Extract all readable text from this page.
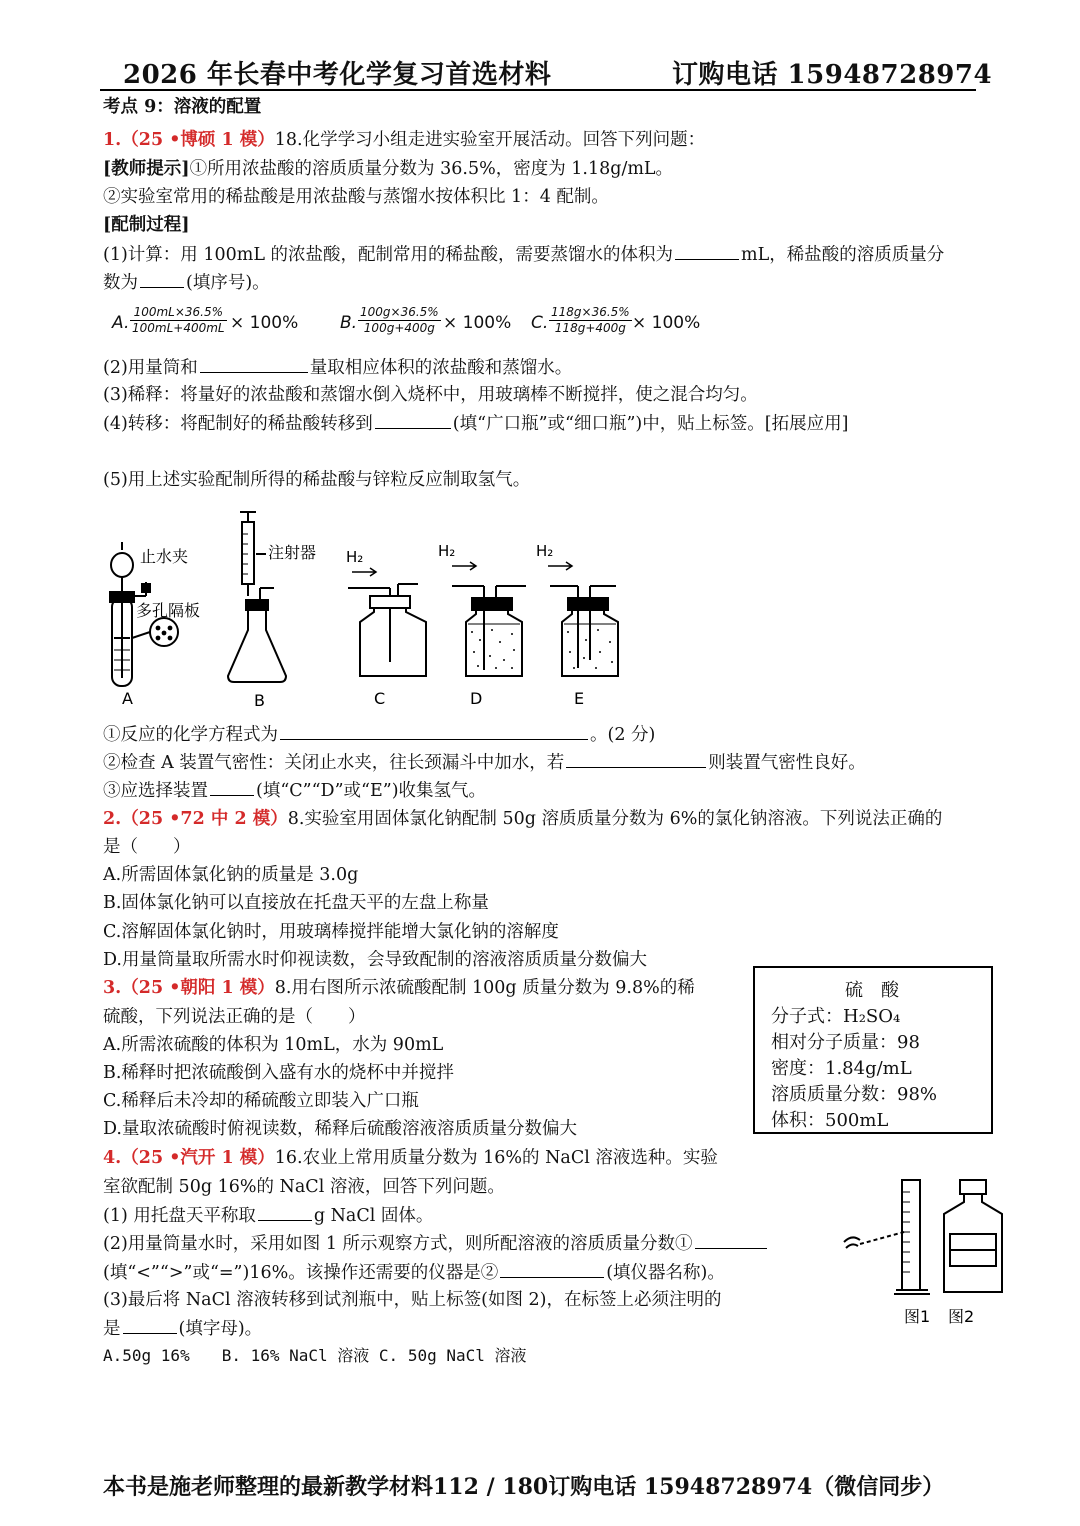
2026 年长春中考化学复习首选材料	订购电话 15948728974
考点 9：溶液的配置
1.（25 •博硕 1 模）18.化学学习小组走进实验室开展活动。回答下列问题：
[教师提示]①所用浓盐酸的溶质质量分数为 36.5%，密度为 1.18g/mL。
②实验室常用的稀盐酸是用浓盐酸与蒸馏水按体积比 1：4 配制。
[配制过程]
(1)计算：用 100mL 的浓盐酸，配制常用的稀盐酸，需要蒸馏水的体积为	mL，稀盐酸的溶质质量分
数为	(填序号)。
A. $\frac{100mL\times 36.5\%}{100mL+400mL} \times 100\%$ B. $\frac{100g\times 36.5\%}{100g+400g} \times 100\%$ C. $\frac{118g\times 36.5\%}{118g+400g} \times 100\%$
(2)用量筒和	量取相应体积的浓盐酸和蒸馏水。
(3)稀释：将量好的浓盐酸和蒸馏水倒入烧杯中，用玻璃棒不断搅拌，使之混合均匀。
(4)转移：将配制好的稀盐酸转移到	(填“广口瓶”或“细口瓶”)中，贴上标签。[拓展应用]
(5)用上述实验配制所得的稀盐酸与锌粒反应制取氢气。
止水夹
多孔隔板
注射器 H₂	H₂	H₂
A	B	C	D	E
①反应的化学方程式为	。(2 分)
②检查 A 装置气密性：关闭止水夹，往长颈漏斗中加水，若	则装置气密性良好。
③应选择装置	(填“C”“D”或“E”)收集氢气。
2.（25 •72 中 2 模）8.实验室用固体氯化钠配制 50g 溶质质量分数为 6%的氯化钠溶液。下列说法正确的
是（　　）
A.所需固体氯化钠的质量是 3.0g
B.固体氯化钠可以直接放在托盘天平的左盘上称量
C.溶解固体氯化钠时，用玻璃棒搅拌能增大氯化钠的溶解度
D.用量筒量取所需水时仰视读数，会导致配制的溶液溶质质量分数偏大
3.（25 •朝阳 1 模）8.用右图所示浓硫酸配制 100g 质量分数为 9.8%的稀
硫酸，下列说法正确的是（　　）
A.所需浓硫酸的体积为 10mL，水为 90mL
B.稀释时把浓硫酸倒入盛有水的烧杯中并搅拌
C.稀释后未冷却的稀硫酸立即装入广口瓶
D.量取浓硫酸时俯视读数，稀释后硫酸溶液溶质质量分数偏大
硫　酸
分子式：H₂SO₄
相对分子质量：98
密度：1.84g/mL
溶质质量分数：98%
体积：500mL
4.（25 •汽开 1 模）16.农业上常用质量分数为 16%的 NaCl 溶液选种。实验
室欲配制 50g 16%的 NaCl 溶液，回答下列问题。
(1) 用托盘天平称取	g NaCl 固体。
(2)用量筒量水时，采用如图 1 所示观察方式，则所配溶液的溶质质量分数①
(填“<”“>”或“=”)16%。该操作还需要的仪器是②	(填仪器名称)。
(3)最后将 NaCl 溶液转移到试剂瓶中，贴上标签(如图 2)，在标签上必须注明的
是	(填字母)。
A.50g 16%　　B. 16% NaCl 溶液 C. 50g NaCl 溶液
图1 图2
本书是施老师整理的最新教学材料112 / 180订购电话 15948728974（微信同步）
